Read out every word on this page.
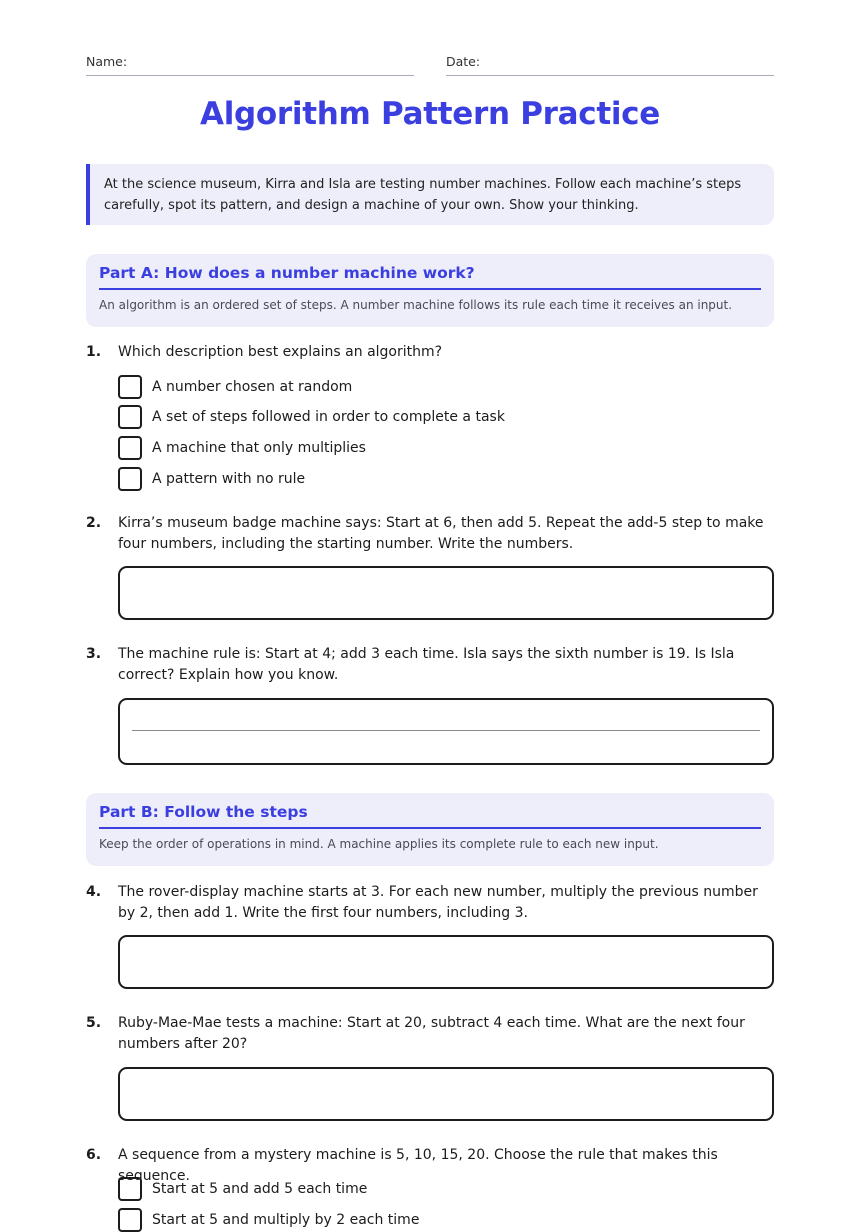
Name:	Date:
Algorithm Pattern Practice
At the science museum, Kirra and Isla are testing number machines. Follow each machine’s steps carefully, spot its pattern, and design a machine of your own. Show your thinking.
Part A: How does a number machine work?
An algorithm is an ordered set of steps. A number machine follows its rule each time it receives an input.
1. Which description best explains an algorithm?
A number chosen at random
A set of steps followed in order to complete a task
A machine that only multiplies
A pattern with no rule
2. Kirra’s museum badge machine says: Start at 6, then add 5. Repeat the add-5 step to make four numbers, including the starting number. Write the numbers.
3. The machine rule is: Start at 4; add 3 each time. Isla says the sixth number is 19. Is Isla correct? Explain how you know.
Part B: Follow the steps
Keep the order of operations in mind. A machine applies its complete rule to each new input.
4. The rover-display machine starts at 3. For each new number, multiply the previous number by 2, then add 1. Write the first four numbers, including 3.
5. Ruby-Mae-Mae tests a machine: Start at 20, subtract 4 each time. What are the next four numbers after 20?
6. A sequence from a mystery machine is 5, 10, 15, 20. Choose the rule that makes this sequence.
Start at 5 and add 5 each time
Start at 5 and multiply by 2 each time
